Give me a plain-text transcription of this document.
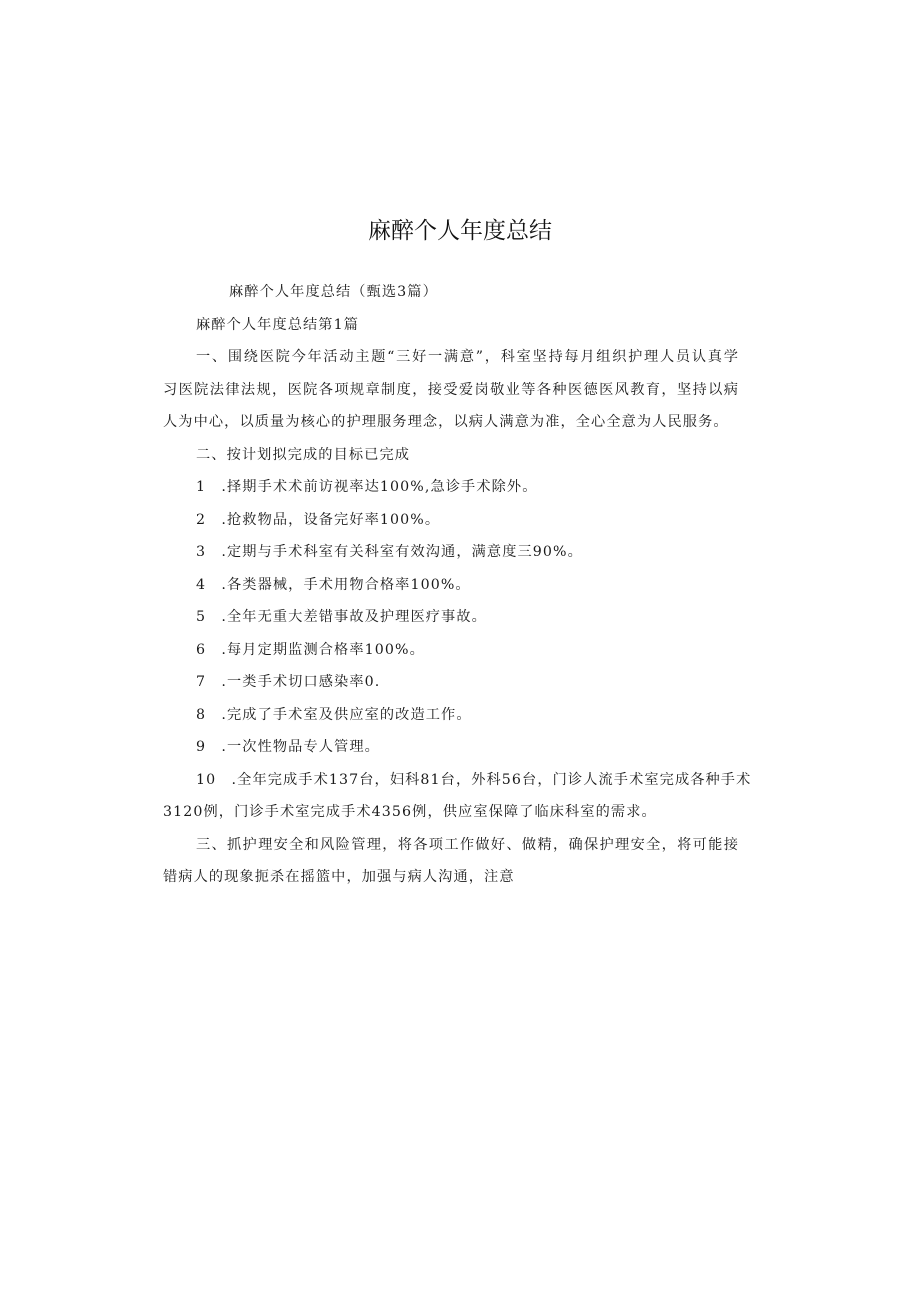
麻醉个人年度总结
麻醉个人年度总结（甄选3篇）
麻醉个人年度总结第1篇
一、围绕医院今年活动主题“三好一满意”，科室坚持每月组织护理人员认真学
习医院法律法规，医院各项规章制度，接受爱岗敬业等各种医德医风教育，坚持以病
人为中心，以质量为核心的护理服务理念，以病人满意为准，全心全意为人民服务。
二、按计划拟完成的目标已完成
1　.择期手术术前访视率达100%,急诊手术除外。
2　.抢救物品，设备完好率100%。
3　.定期与手术科室有关科室有效沟通，满意度三90%。
4　.各类器械，手术用物合格率100%。
5　.全年无重大差错事故及护理医疗事故。
6　.每月定期监测合格率100%。
7　.一类手术切口感染率0.
8　.完成了手术室及供应室的改造工作。
9　.一次性物品专人管理。
10　.全年完成手术137台，妇科81台，外科56台，门诊人流手术室完成各种手术
3120例，门诊手术室完成手术4356例，供应室保障了临床科室的需求。
三、抓护理安全和风险管理，将各项工作做好、做精，确保护理安全，将可能接
错病人的现象扼杀在摇篮中，加强与病人沟通，注意
